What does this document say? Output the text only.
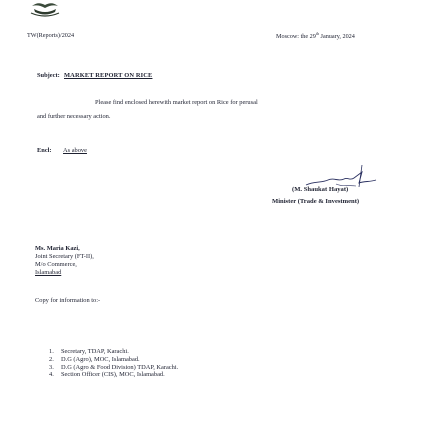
TW(Reports)/2024	Moscow: the 29th January, 2024
Subject: MARKET REPORT ON RICE
Please find enclosed herewith market report on Rice for perusal
and further necessary action.
Encl: As above
(M. Shaukat Hayat)
Minister (Trade & Investment)
Ms. Maria Kazi,
Joint Secretary (FT-II),
M/o Commerce,
Islamabad
Copy for information to:-
1. Secretary, TDAP, Karachi.
2. D.G (Agro), MOC, Islamabad.
3. D.G (Agro & Food Division) TDAP, Karachi.
4. Section Officer (CIS), MOC, Islamabad.
